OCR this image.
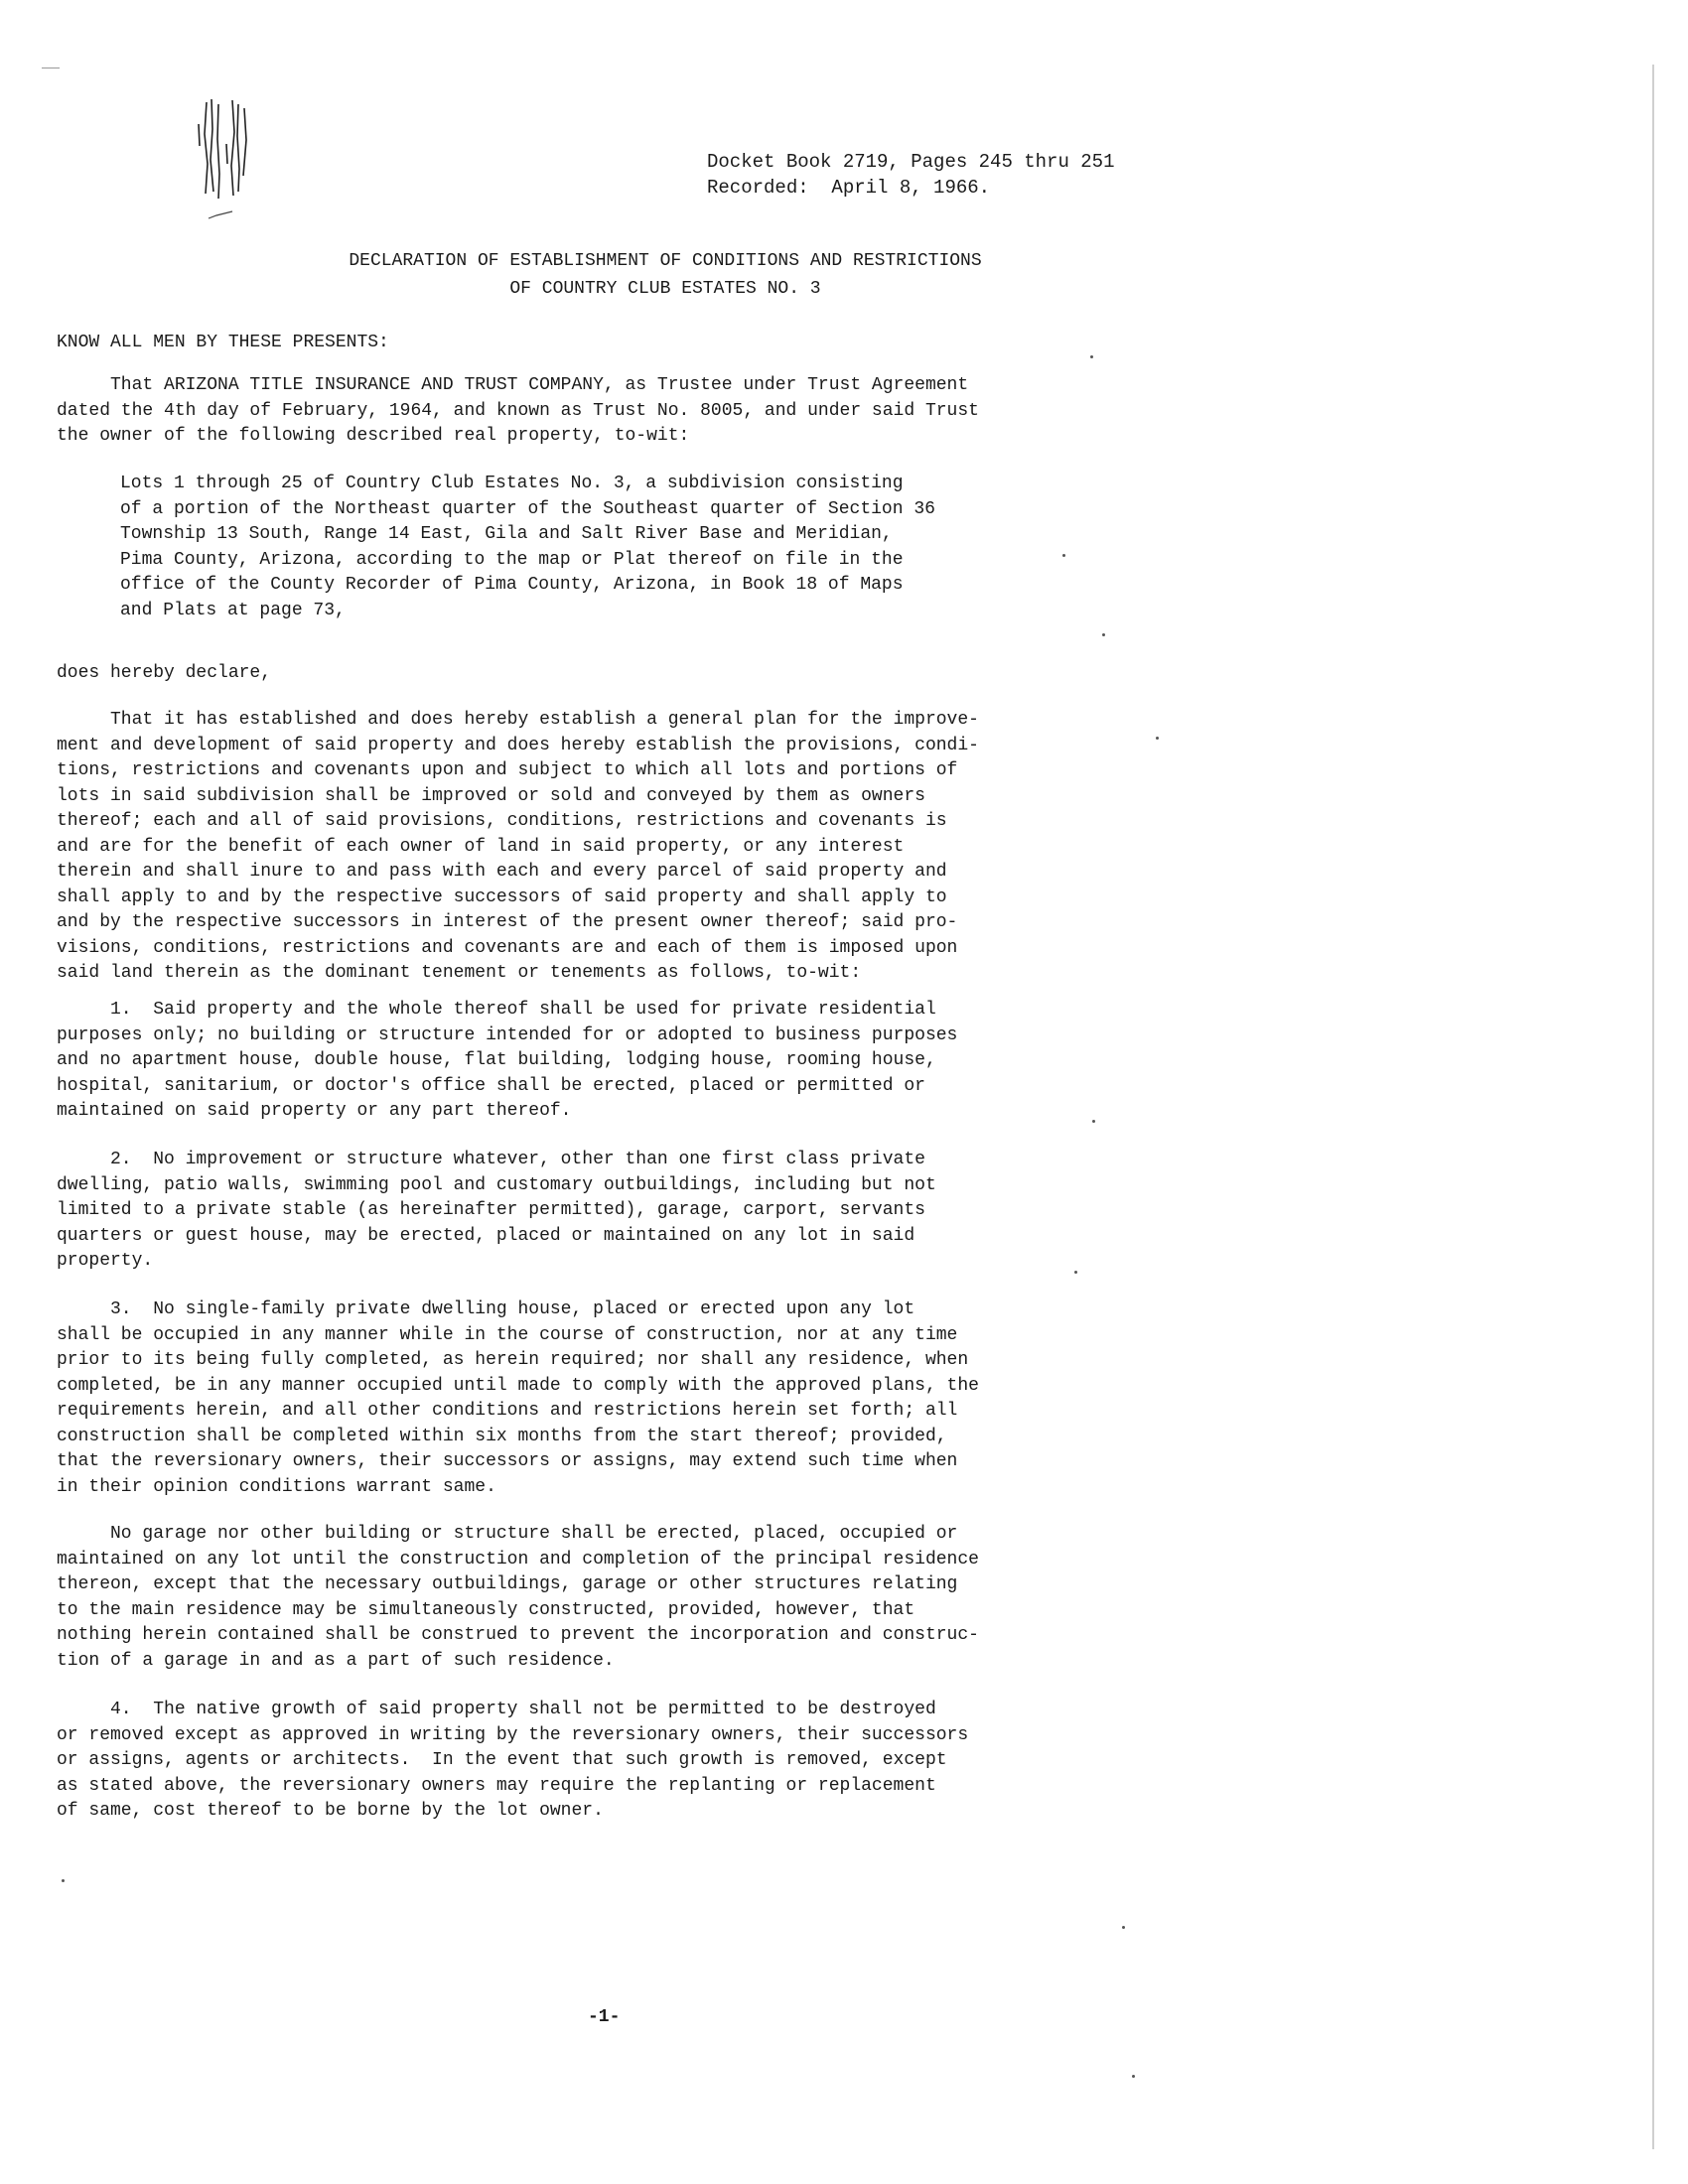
Docket Book 2719, Pages 245 thru 251
Recorded:  April 8, 1966.
DECLARATION OF ESTABLISHMENT OF CONDITIONS AND RESTRICTIONS
OF COUNTRY CLUB ESTATES NO. 3
KNOW ALL MEN BY THESE PRESENTS:
That ARIZONA TITLE INSURANCE AND TRUST COMPANY, as Trustee under Trust Agreement
dated the 4th day of February, 1964, and known as Trust No. 8005, and under said Trust
the owner of the following described real property, to-wit:
Lots 1 through 25 of Country Club Estates No. 3, a subdivision consisting
of a portion of the Northeast quarter of the Southeast quarter of Section 36
Township 13 South, Range 14 East, Gila and Salt River Base and Meridian,
Pima County, Arizona, according to the map or Plat thereof on file in the
office of the County Recorder of Pima County, Arizona, in Book 18 of Maps
and Plats at page 73,
does hereby declare,
That it has established and does hereby establish a general plan for the improve-
ment and development of said property and does hereby establish the provisions, condi-
tions, restrictions and covenants upon and subject to which all lots and portions of
lots in said subdivision shall be improved or sold and conveyed by them as owners
thereof; each and all of said provisions, conditions, restrictions and covenants is
and are for the benefit of each owner of land in said property, or any interest
therein and shall inure to and pass with each and every parcel of said property and
shall apply to and by the respective successors of said property and shall apply to
and by the respective successors in interest of the present owner thereof; said pro-
visions, conditions, restrictions and covenants are and each of them is imposed upon
said land therein as the dominant tenement or tenements as follows, to-wit:
1.  Said property and the whole thereof shall be used for private residential
purposes only; no building or structure intended for or adopted to business purposes
and no apartment house, double house, flat building, lodging house, rooming house,
hospital, sanitarium, or doctor's office shall be erected, placed or permitted or
maintained on said property or any part thereof.
2.  No improvement or structure whatever, other than one first class private
dwelling, patio walls, swimming pool and customary outbuildings, including but not
limited to a private stable (as hereinafter permitted), garage, carport, servants
quarters or guest house, may be erected, placed or maintained on any lot in said
property.
3.  No single-family private dwelling house, placed or erected upon any lot
shall be occupied in any manner while in the course of construction, nor at any time
prior to its being fully completed, as herein required; nor shall any residence, when
completed, be in any manner occupied until made to comply with the approved plans, the
requirements herein, and all other conditions and restrictions herein set forth; all
construction shall be completed within six months from the start thereof; provided,
that the reversionary owners, their successors or assigns, may extend such time when
in their opinion conditions warrant same.
No garage nor other building or structure shall be erected, placed, occupied or
maintained on any lot until the construction and completion of the principal residence
thereon, except that the necessary outbuildings, garage or other structures relating
to the main residence may be simultaneously constructed, provided, however, that
nothing herein contained shall be construed to prevent the incorporation and construc-
tion of a garage in and as a part of such residence.
4.  The native growth of said property shall not be permitted to be destroyed
or removed except as approved in writing by the reversionary owners, their successors
or assigns, agents or architects.  In the event that such growth is removed, except
as stated above, the reversionary owners may require the replanting or replacement
of same, cost thereof to be borne by the lot owner.
-1-
